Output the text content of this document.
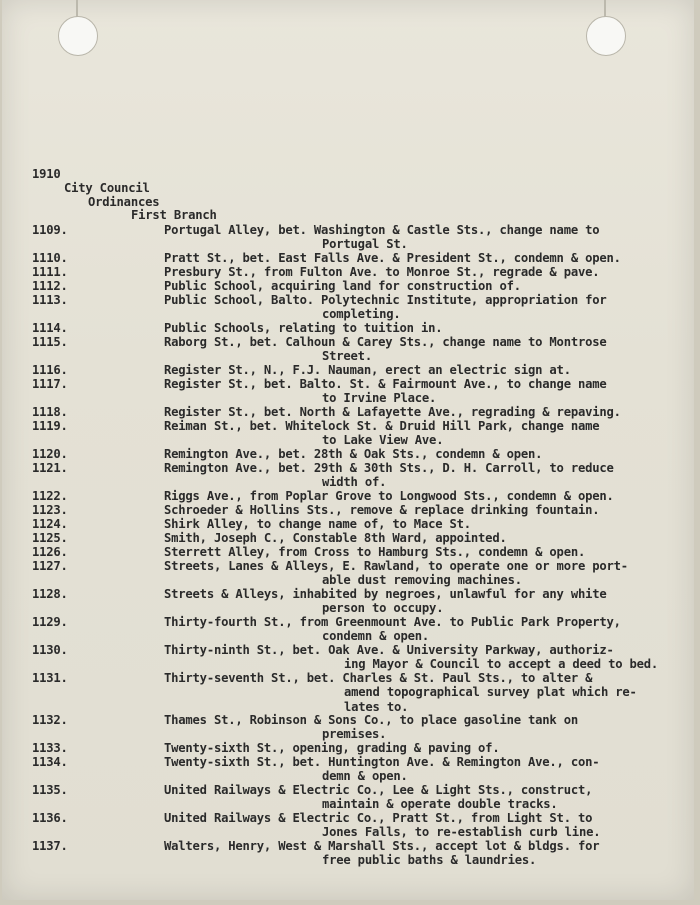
1910
City Council
Ordinances
First Branch
1109.	Portugal Alley, bet. Washington & Castle Sts., change name to
Portugal St.
1110.	Pratt St., bet. East Falls Ave. & President St., condemn & open.
1111.	Presbury St., from Fulton Ave. to Monroe St., regrade & pave.
1112.	Public School, acquiring land for construction of.
1113.	Public School, Balto. Polytechnic Institute, appropriation for
completing.
1114.	Public Schools, relating to tuition in.
1115.	Raborg St., bet. Calhoun & Carey Sts., change name to Montrose
Street.
1116.	Register St., N., F.J. Nauman, erect an electric sign at.
1117.	Register St., bet. Balto. St. & Fairmount Ave., to change name
to Irvine Place.
1118.	Register St., bet. North & Lafayette Ave., regrading & repaving.
1119.	Reiman St., bet. Whitelock St. & Druid Hill Park, change name
to Lake View Ave.
1120.	Remington Ave., bet. 28th & Oak Sts., condemn & open.
1121.	Remington Ave., bet. 29th & 30th Sts., D. H. Carroll, to reduce
width of.
1122.	Riggs Ave., from Poplar Grove to Longwood Sts., condemn & open.
1123.	Schroeder & Hollins Sts., remove & replace drinking fountain.
1124.	Shirk Alley, to change name of, to Mace St.
1125.	Smith, Joseph C., Constable 8th Ward, appointed.
1126.	Sterrett Alley, from Cross to Hamburg Sts., condemn & open.
1127.	Streets, Lanes & Alleys, E. Rawland, to operate one or more port-
able dust removing machines.
1128.	Streets & Alleys, inhabited by negroes, unlawful for any white
person to occupy.
1129.	Thirty-fourth St., from Greenmount Ave. to Public Park Property,
condemn & open.
1130.	Thirty-ninth St., bet. Oak Ave. & University Parkway, authoriz-
ing Mayor & Council to accept a deed to bed.
1131.	Thirty-seventh St., bet. Charles & St. Paul Sts., to alter &
amend topographical survey plat which re-
lates to.
1132.	Thames St., Robinson & Sons Co., to place gasoline tank on
premises.
1133.	Twenty-sixth St., opening, grading & paving of.
1134.	Twenty-sixth St., bet. Huntington Ave. & Remington Ave., con-
demn & open.
1135.	United Railways & Electric Co., Lee & Light Sts., construct,
maintain & operate double tracks.
1136.	United Railways & Electric Co., Pratt St., from Light St. to
Jones Falls, to re-establish curb line.
1137.	Walters, Henry, West & Marshall Sts., accept lot & bldgs. for
free public baths & laundries.
